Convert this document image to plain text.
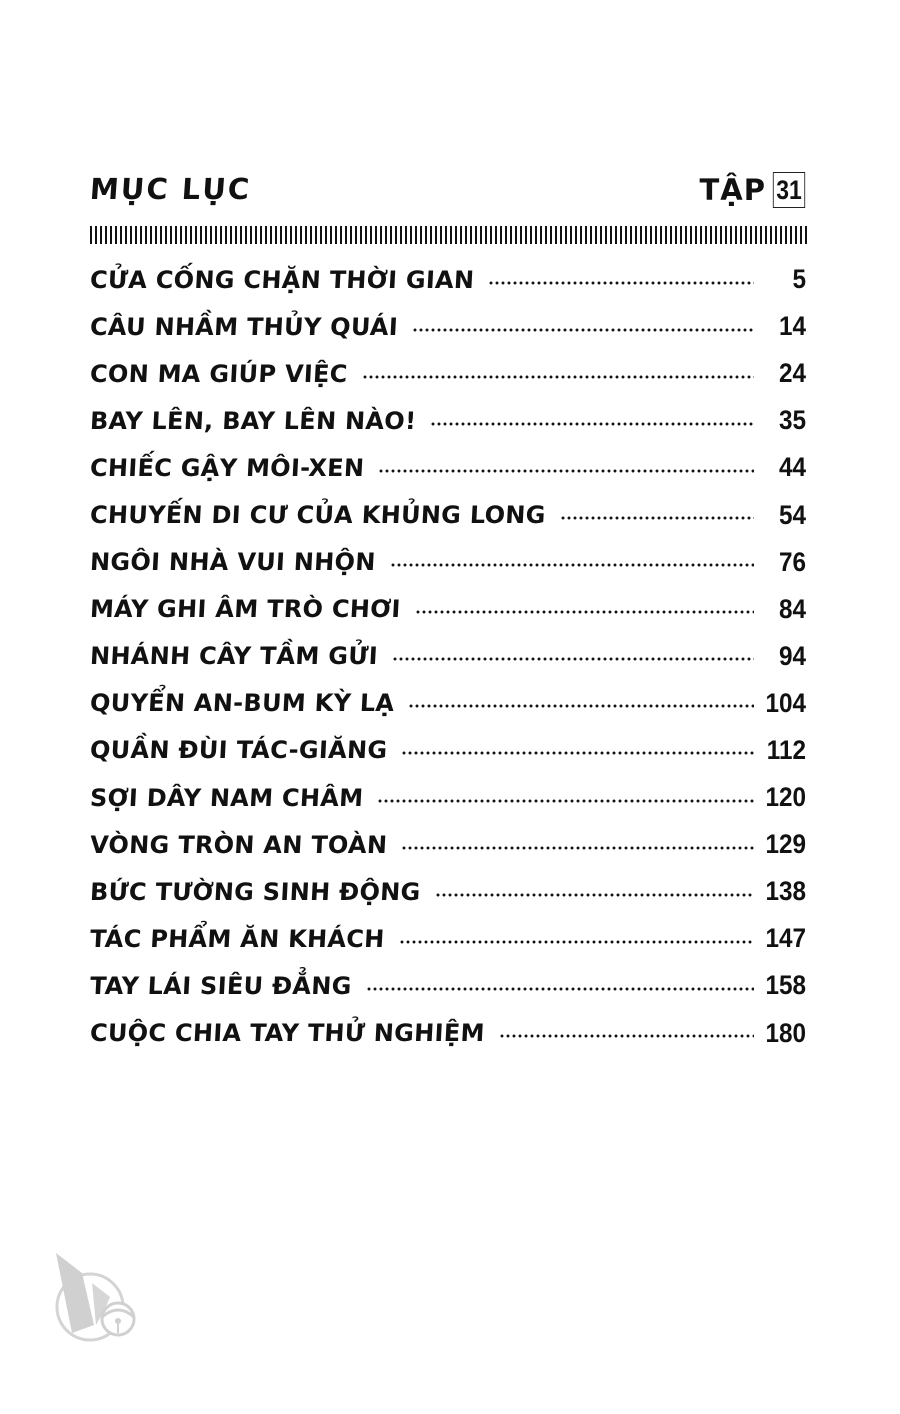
MỤC LỤC	TẬP 31
CỬA CỐNG CHẶN THỜI GIAN	5
CÂU NHẦM THỦY QUÁI	14
CON MA GIÚP VIỆC	24
BAY LÊN, BAY LÊN NÀO!	35
CHIẾC GẬY MÔI-XEN	44
CHUYẾN DI CƯ CỦA KHỦNG LONG	54
NGÔI NHÀ VUI NHỘN	76
MÁY GHI ÂM TRÒ CHƠI	84
NHÁNH CÂY TẦM GỬI	94
QUYỂN AN-BUM KỲ LẠ	104
QUẦN ĐÙI TÁC-GIĂNG	112
SỢI DÂY NAM CHÂM	120
VÒNG TRÒN AN TOÀN	129
BỨC TƯỜNG SINH ĐỘNG	138
TÁC PHẨM ĂN KHÁCH	147
TAY LÁI SIÊU ĐẲNG	158
CUỘC CHIA TAY THỬ NGHIỆM	180
